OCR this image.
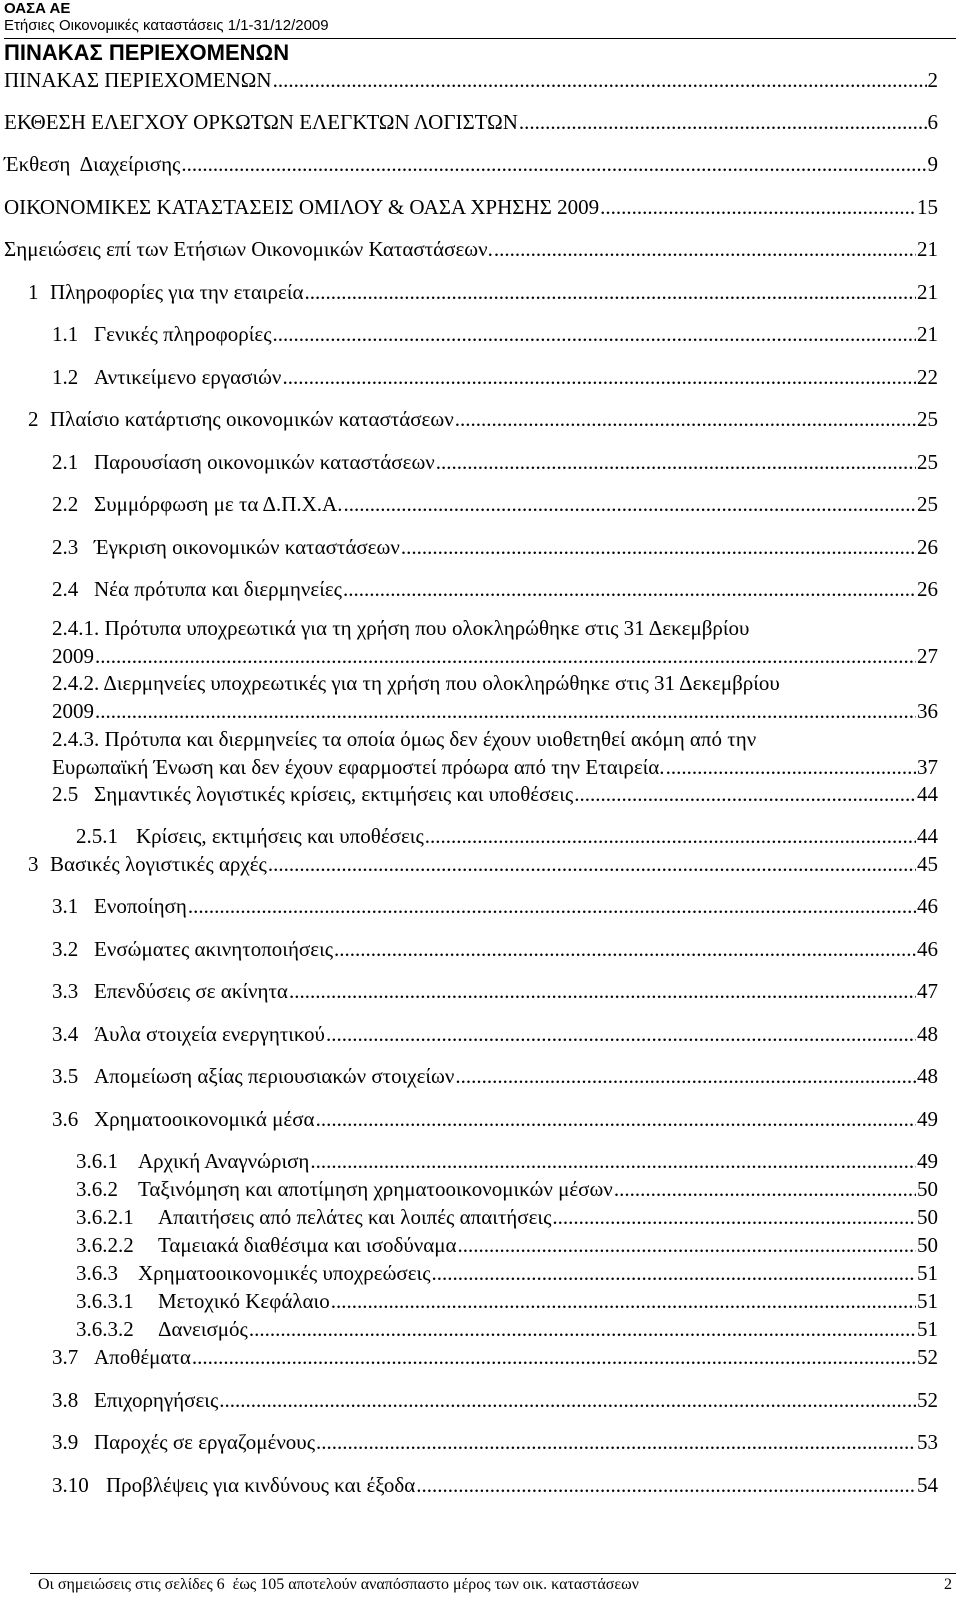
ΟΑΣΑ ΑΕ
Ετήσιες Οικονομικές καταστάσεις 1/1-31/12/2009
ΠΙΝΑΚΑΣ ΠΕΡΙΕΧΟΜΕΝΩΝ
ΠΙΝΑΚΑΣ ΠΕΡΙΕΧΟΜΕΝΩΝ .....	2
ΕΚΘΕΣΗ ΕΛΕΓΧΟΥ ΟΡΚΩΤΩΝ ΕΛΕΓΚΤΩΝ ΛΟΓΙΣΤΩΝ .....	6
Έκθεση  Διαχείρισης .....	9
ΟΙΚΟΝΟΜΙΚΕΣ ΚΑΤΑΣΤΑΣΕΙΣ ΟΜΙΛΟΥ & ΟΑΣΑ ΧΡΗΣΗΣ 2009 .....	15
Σημειώσεις επί των Ετήσιων Οικονομικών Καταστάσεων. .....	21
1 Πληροφορίες για την εταιρεία .....	21
1.1 Γενικές πληροφορίες .....	21
1.2 Αντικείμενο εργασιών .....	22
2 Πλαίσιο κατάρτισης οικονομικών καταστάσεων .....	25
2.1 Παρουσίαση οικονομικών καταστάσεων .....	25
2.2 Συμμόρφωση με τα Δ.Π.Χ.Α. .....	25
2.3 Έγκριση οικονομικών καταστάσεων .....	26
2.4 Νέα πρότυπα και διερμηνείες .....	26
2.4.1. Πρότυπα υποχρεωτικά για τη χρήση που ολοκληρώθηκε στις 31 Δεκεμβρίου
2009 .....	27
2.4.2. Διερμηνείες υποχρεωτικές για τη χρήση που ολοκληρώθηκε στις 31 Δεκεμβρίου
2009 .....	36
2.4.3. Πρότυπα και διερμηνείες τα οποία όμως δεν έχουν υιοθετηθεί ακόμη από την
Ευρωπαϊκή Ένωση και δεν έχουν εφαρμοστεί πρόωρα από την Εταιρεία. .....	37
2.5 Σημαντικές λογιστικές κρίσεις, εκτιμήσεις και υποθέσεις .....	44
2.5.1 Κρίσεις, εκτιμήσεις και υποθέσεις .....	44
3 Βασικές λογιστικές αρχές .....	45
3.1 Ενοποίηση .....	46
3.2 Ενσώματες ακινητοποιήσεις .....	46
3.3 Επενδύσεις σε ακίνητα .....	47
3.4 Άυλα στοιχεία ενεργητικού .....	48
3.5 Απομείωση αξίας περιουσιακών στοιχείων .....	48
3.6 Χρηματοοικονομικά μέσα .....	49
3.6.1 Αρχική Αναγνώριση .....	49
3.6.2 Ταξινόμηση και αποτίμηση χρηματοοικονομικών μέσων .....	50
3.6.2.1	Απαιτήσεις από πελάτες και λοιπές απαιτήσεις .....	50
3.6.2.2	Ταμειακά διαθέσιμα και ισοδύναμα .....	50
3.6.3 Χρηματοοικονομικές υποχρεώσεις .....	51
3.6.3.1	Μετοχικό Κεφάλαιο .....	51
3.6.3.2	Δανεισμός .....	51
3.7 Αποθέματα .....	52
3.8 Επιχορηγήσεις .....	52
3.9 Παροχές σε εργαζομένους .....	53
3.10 Προβλέψεις για κινδύνους και έξοδα .....	54
Οι σημειώσεις στις σελίδες 6  έως 105 αποτελούν αναπόσπαστο μέρος των οικ. καταστάσεων	2
